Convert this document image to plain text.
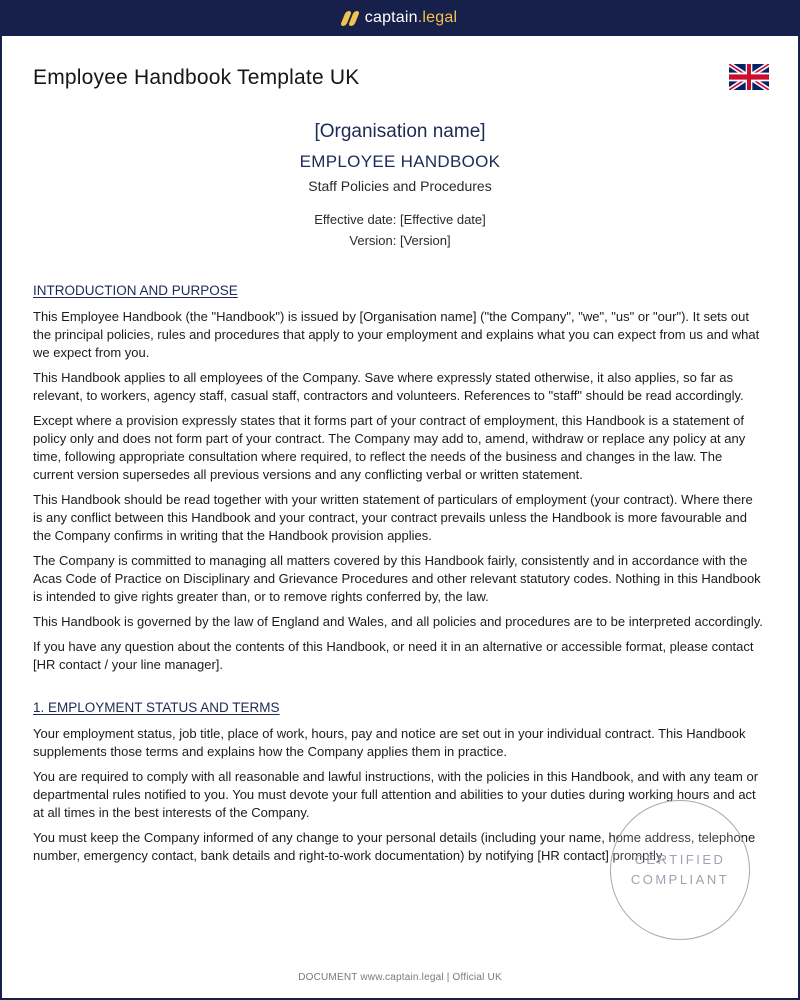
captain.legal
Employee Handbook Template UK
[Organisation name]
EMPLOYEE HANDBOOK
Staff Policies and Procedures
Effective date: [Effective date]
Version: [Version]
INTRODUCTION AND PURPOSE

This Employee Handbook (the "Handbook") is issued by [Organisation name] ("the Company", "we", "us" or "our"). It sets out the principal policies, rules and procedures that apply to your employment and explains what you can expect from us and what we expect from you.

This Handbook applies to all employees of the Company. Save where expressly stated otherwise, it also applies, so far as relevant, to workers, agency staff, casual staff, contractors and volunteers. References to "staff" should be read accordingly.

Except where a provision expressly states that it forms part of your contract of employment, this Handbook is a statement of policy only and does not form part of your contract. The Company may add to, amend, withdraw or replace any policy at any time, following appropriate consultation where required, to reflect the needs of the business and changes in the law. The current version supersedes all previous versions and any conflicting verbal or written statement.

This Handbook should be read together with your written statement of particulars of employment (your contract). Where there is any conflict between this Handbook and your contract, your contract prevails unless the Handbook is more favourable and the Company confirms in writing that the Handbook provision applies.

The Company is committed to managing all matters covered by this Handbook fairly, consistently and in accordance with the Acas Code of Practice on Disciplinary and Grievance Procedures and other relevant statutory codes. Nothing in this Handbook is intended to give rights greater than, or to remove rights conferred by, the law.

This Handbook is governed by the law of England and Wales, and all policies and procedures are to be interpreted accordingly.

If you have any question about the contents of this Handbook, or need it in an alternative or accessible format, please contact [HR contact / your line manager].

1. EMPLOYMENT STATUS AND TERMS

Your employment status, job title, place of work, hours, pay and notice are set out in your individual contract. This Handbook supplements those terms and explains how the Company applies them in practice.

You are required to comply with all reasonable and lawful instructions, with the policies in this Handbook, and with any team or departmental rules notified to you. You must devote your full attention and abilities to your duties during working hours and act at all times in the best interests of the Company.

You must keep the Company informed of any change to your personal details (including your name, home address, telephone number, emergency contact, bank details and right-to-work documentation) by notifying [HR contact] promptly.

CERTIFIED
COMPLIANT
DOCUMENT www.captain.legal | Official UK
